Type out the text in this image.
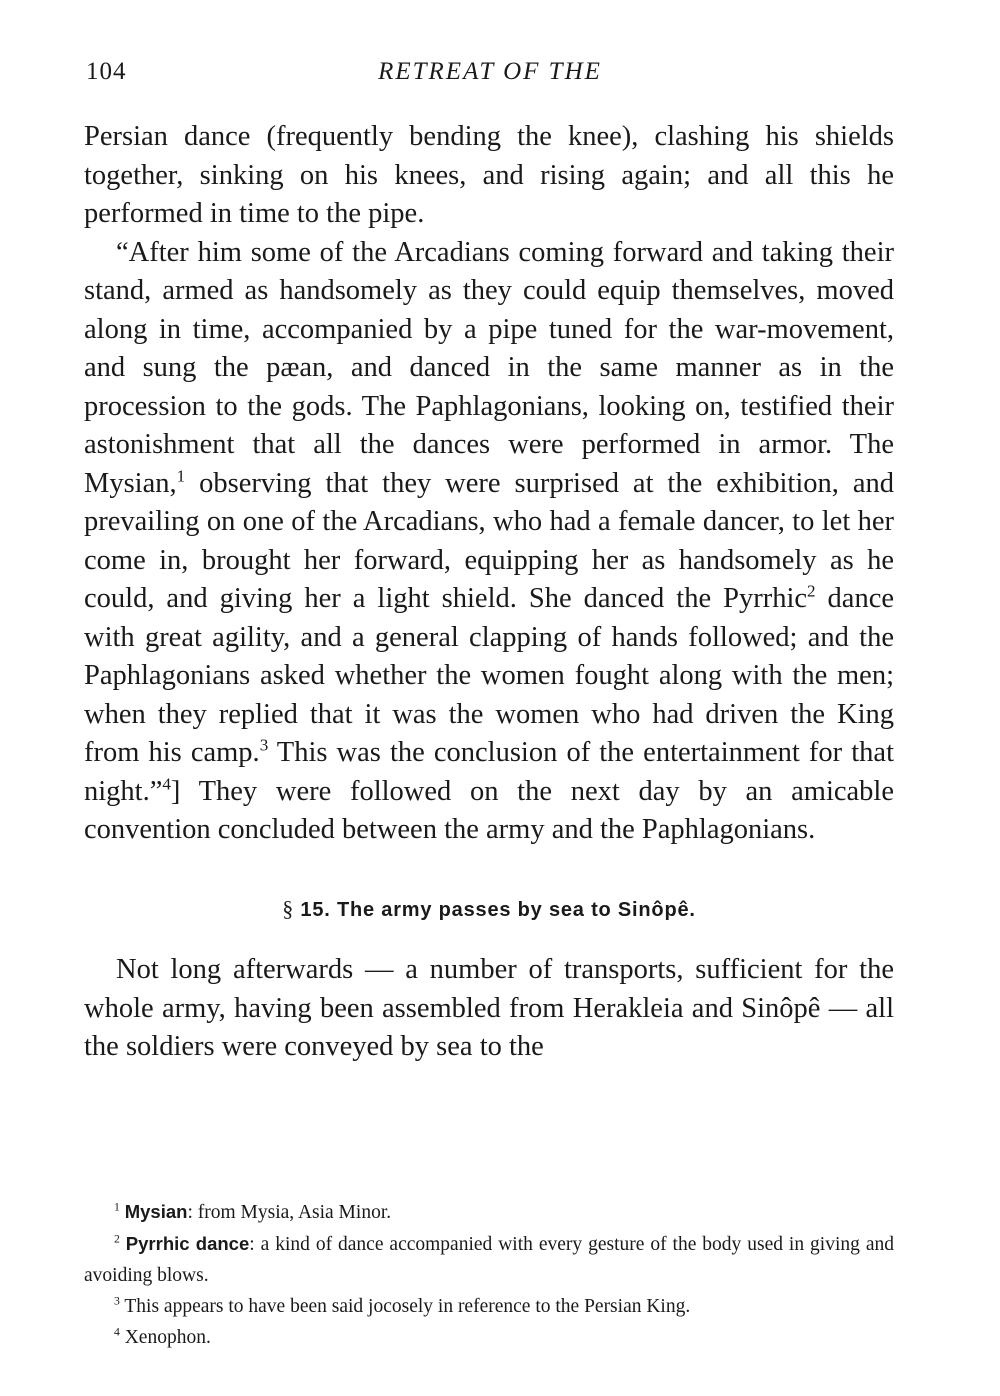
104	RETREAT OF THE

Persian dance (frequently bending the knee), clashing his shields together, sinking on his knees, and rising again; and all this he performed in time to the pipe.

“After him some of the Arcadians coming forward and taking their stand, armed as handsomely as they could equip themselves, moved along in time, accompanied by a pipe tuned for the war-movement, and sung the pæan, and danced in the same manner as in the procession to the gods. The Paphlagonians, looking on, testified their astonishment that all the dances were performed in armor. The Mysian,$^1$ observing that they were surprised at the exhibition, and prevailing on one of the Arcadians, who had a female dancer, to let her come in, brought her forward, equipping her as handsomely as he could, and giving her a light shield. She danced the Pyrrhic$^2$ dance with great agility, and a general clapping of hands followed; and the Paphlagonians asked whether the women fought along with the men; when they replied that it was the women who had driven the King from his camp.$^3$ This was the conclusion of the entertainment for that night.”$^4$] They were followed on the next day by an amicable convention concluded between the army and the Paphlagonians.

§ 15. The army passes by sea to Sinôpê.

Not long afterwards — a number of transports, sufficient for the whole army, having been assembled from Herakleia and Sinôpê — all the soldiers were conveyed by sea to the

$^1$ Mysian: from Mysia, Asia Minor.

$^2$ Pyrrhic dance: a kind of dance accompanied with every gesture of the body used in giving and avoiding blows.

$^3$ This appears to have been said jocosely in reference to the Persian King.

$^4$ Xenophon.
